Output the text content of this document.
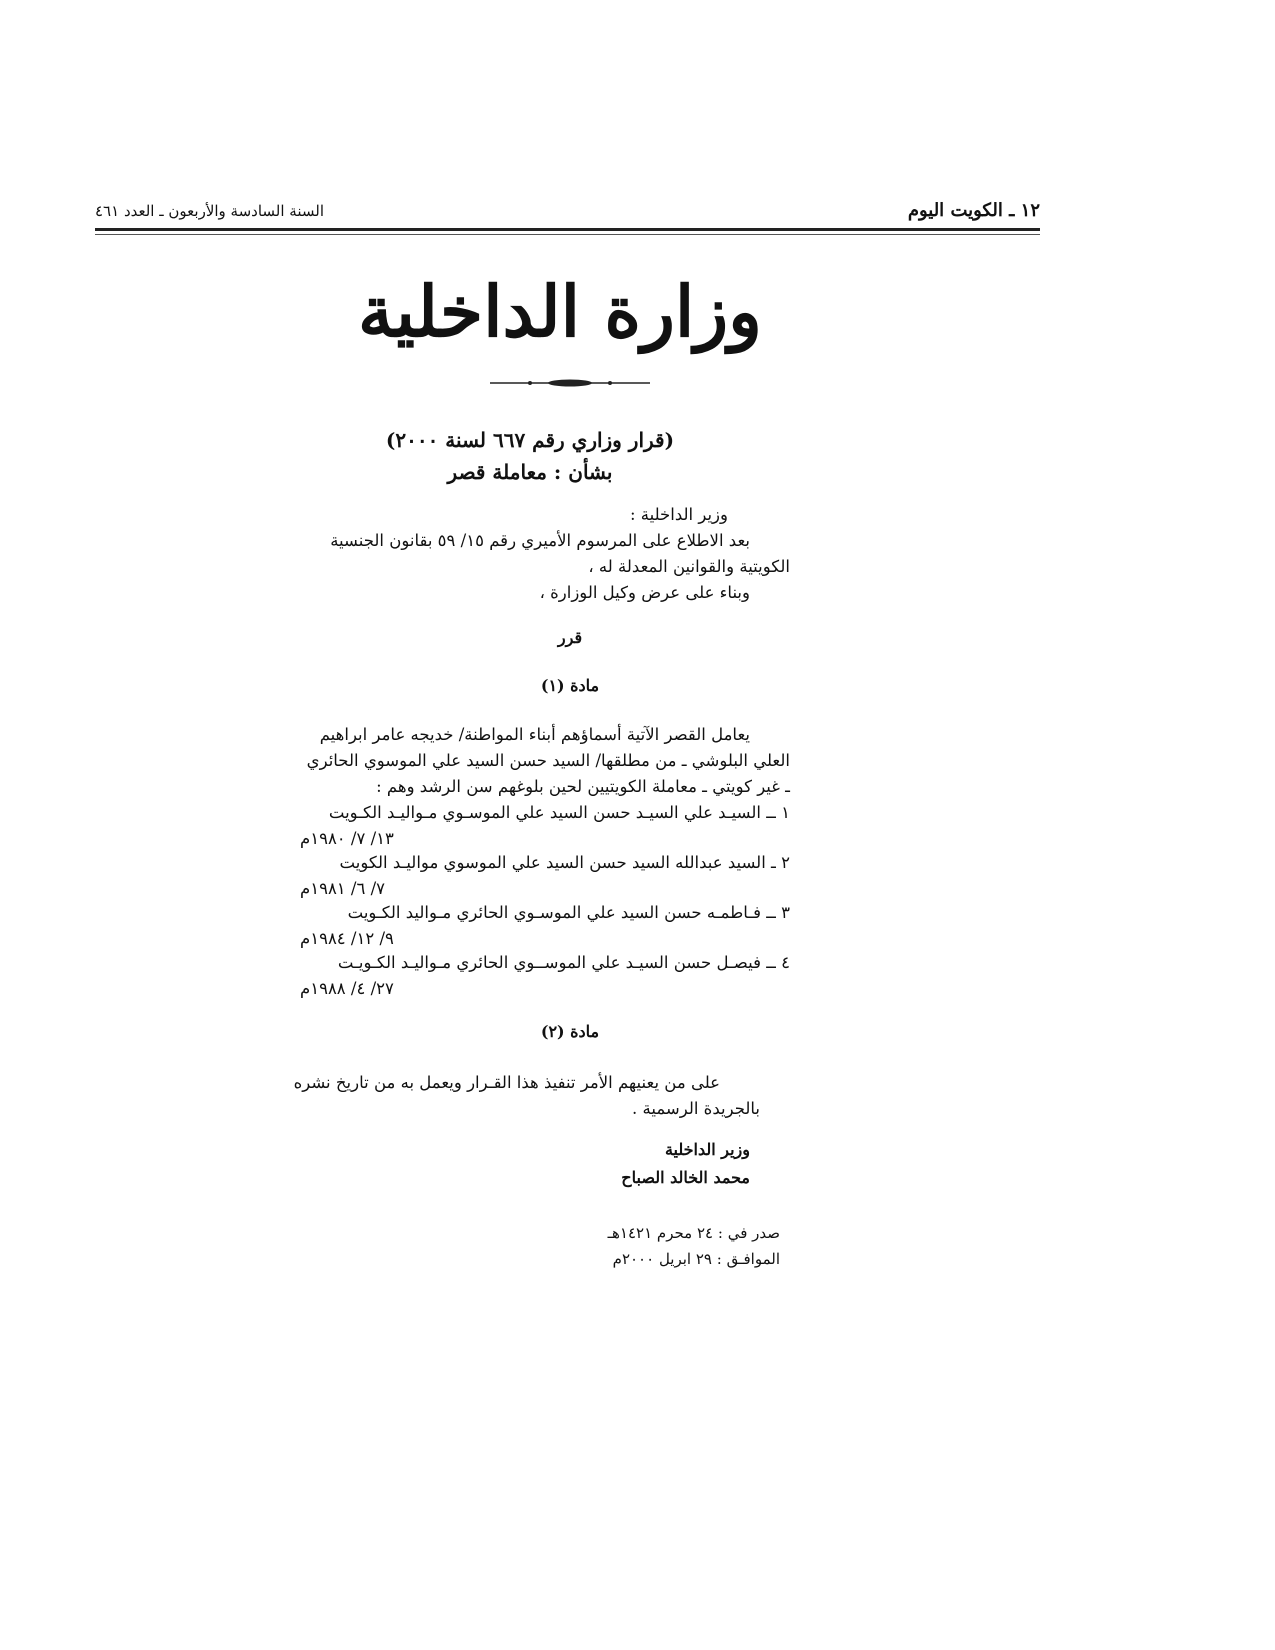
١٢ ـ الكويت اليوم
السنة السادسة والأربعون ـ العدد ٤٦١
وزارة الداخلية
(قرار وزاري رقم ٦٦٧ لسنة ٢٠٠٠)
بشأن : معاملة قصر
وزير الداخلية :
بعد الاطلاع على المرسوم الأميري رقم ١٥/ ٥٩ بقانون الجنسية
الكويتية والقوانين المعدلة له ،
وبناء على عرض وكيل الوزارة ،
قرر
مادة (١)
يعامل القصر الآتية أسماؤهم أبناء المواطنة/ خديجه عامر ابراهيم
العلي البلوشي ـ من مطلقها/ السيد حسن السيد علي الموسوي الحائري
ـ غير كويتي ـ معاملة الكويتيين لحين بلوغهم سن الرشد وهم :
١ ــ السيـد علي السيـد حسن السيد علي الموسـوي مـواليـد الكـويت
١٣/ ٧/ ١٩٨٠م
٢ ـ السيد عبدالله السيد حسن السيد علي الموسوي مواليـد الكويت
٧/ ٦/ ١٩٨١م
٣ ــ فـاطمـه حسن السيد علي الموسـوي الحائري مـواليد الكـويت
٩/ ١٢/ ١٩٨٤م
٤ ــ فيصـل حسن السيـد علي الموســوي الحائري مـواليـد الكـويـت
٢٧/ ٤/ ١٩٨٨م
مادة (٢)
على من يعنيهم الأمر تنفيذ هذا القـرار ويعمل به من تاريخ نشره
بالجريدة الرسمية .
وزير الداخلية
محمد الخالد الصباح
صدر في : ٢٤ محرم ١٤٢١هـ
الموافـق : ٢٩ ابريل ٢٠٠٠م
